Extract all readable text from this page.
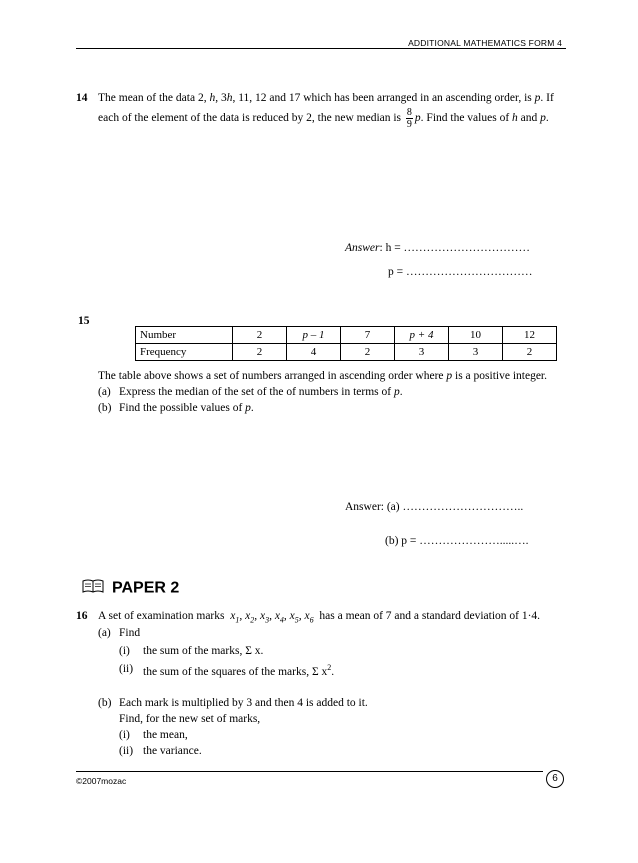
ADDITIONAL MATHEMATICS FORM 4
14 The mean of the data 2, h, 3h, 11, 12 and 17 which has been arranged in an ascending order, is p. If
each of the element of the data is reduced by 2, the new median is $\frac{8}{9} p$. Find the values of h and p.
Answer: h = ……………………………
p = ……………………………
15
Number	2	p – 1	7	p + 4	10	12
Frequency	2	4	2	3	3	2
The table above shows a set of numbers arranged in ascending order where p is a positive integer.
(a) Express the median of the set of the of numbers in terms of p.
(b) Find the possible values of p.
Answer: (a) …………………………..
(b) p = ………………….....….
PAPER 2
16 A set of examination marks $x_1$, $x_2$, $x_3$, $x_4$, $x_5$, $x_6$ has a mean of 7 and a standard deviation of 1·4.
(a) Find
(i) the sum of the marks, Σ x.
(ii) the sum of the squares of the marks, Σ $x^2$.
(b) Each mark is multiplied by 3 and then 4 is added to it.
Find, for the new set of marks,
(i) the mean,
(ii) the variance.
©2007mozac	6
